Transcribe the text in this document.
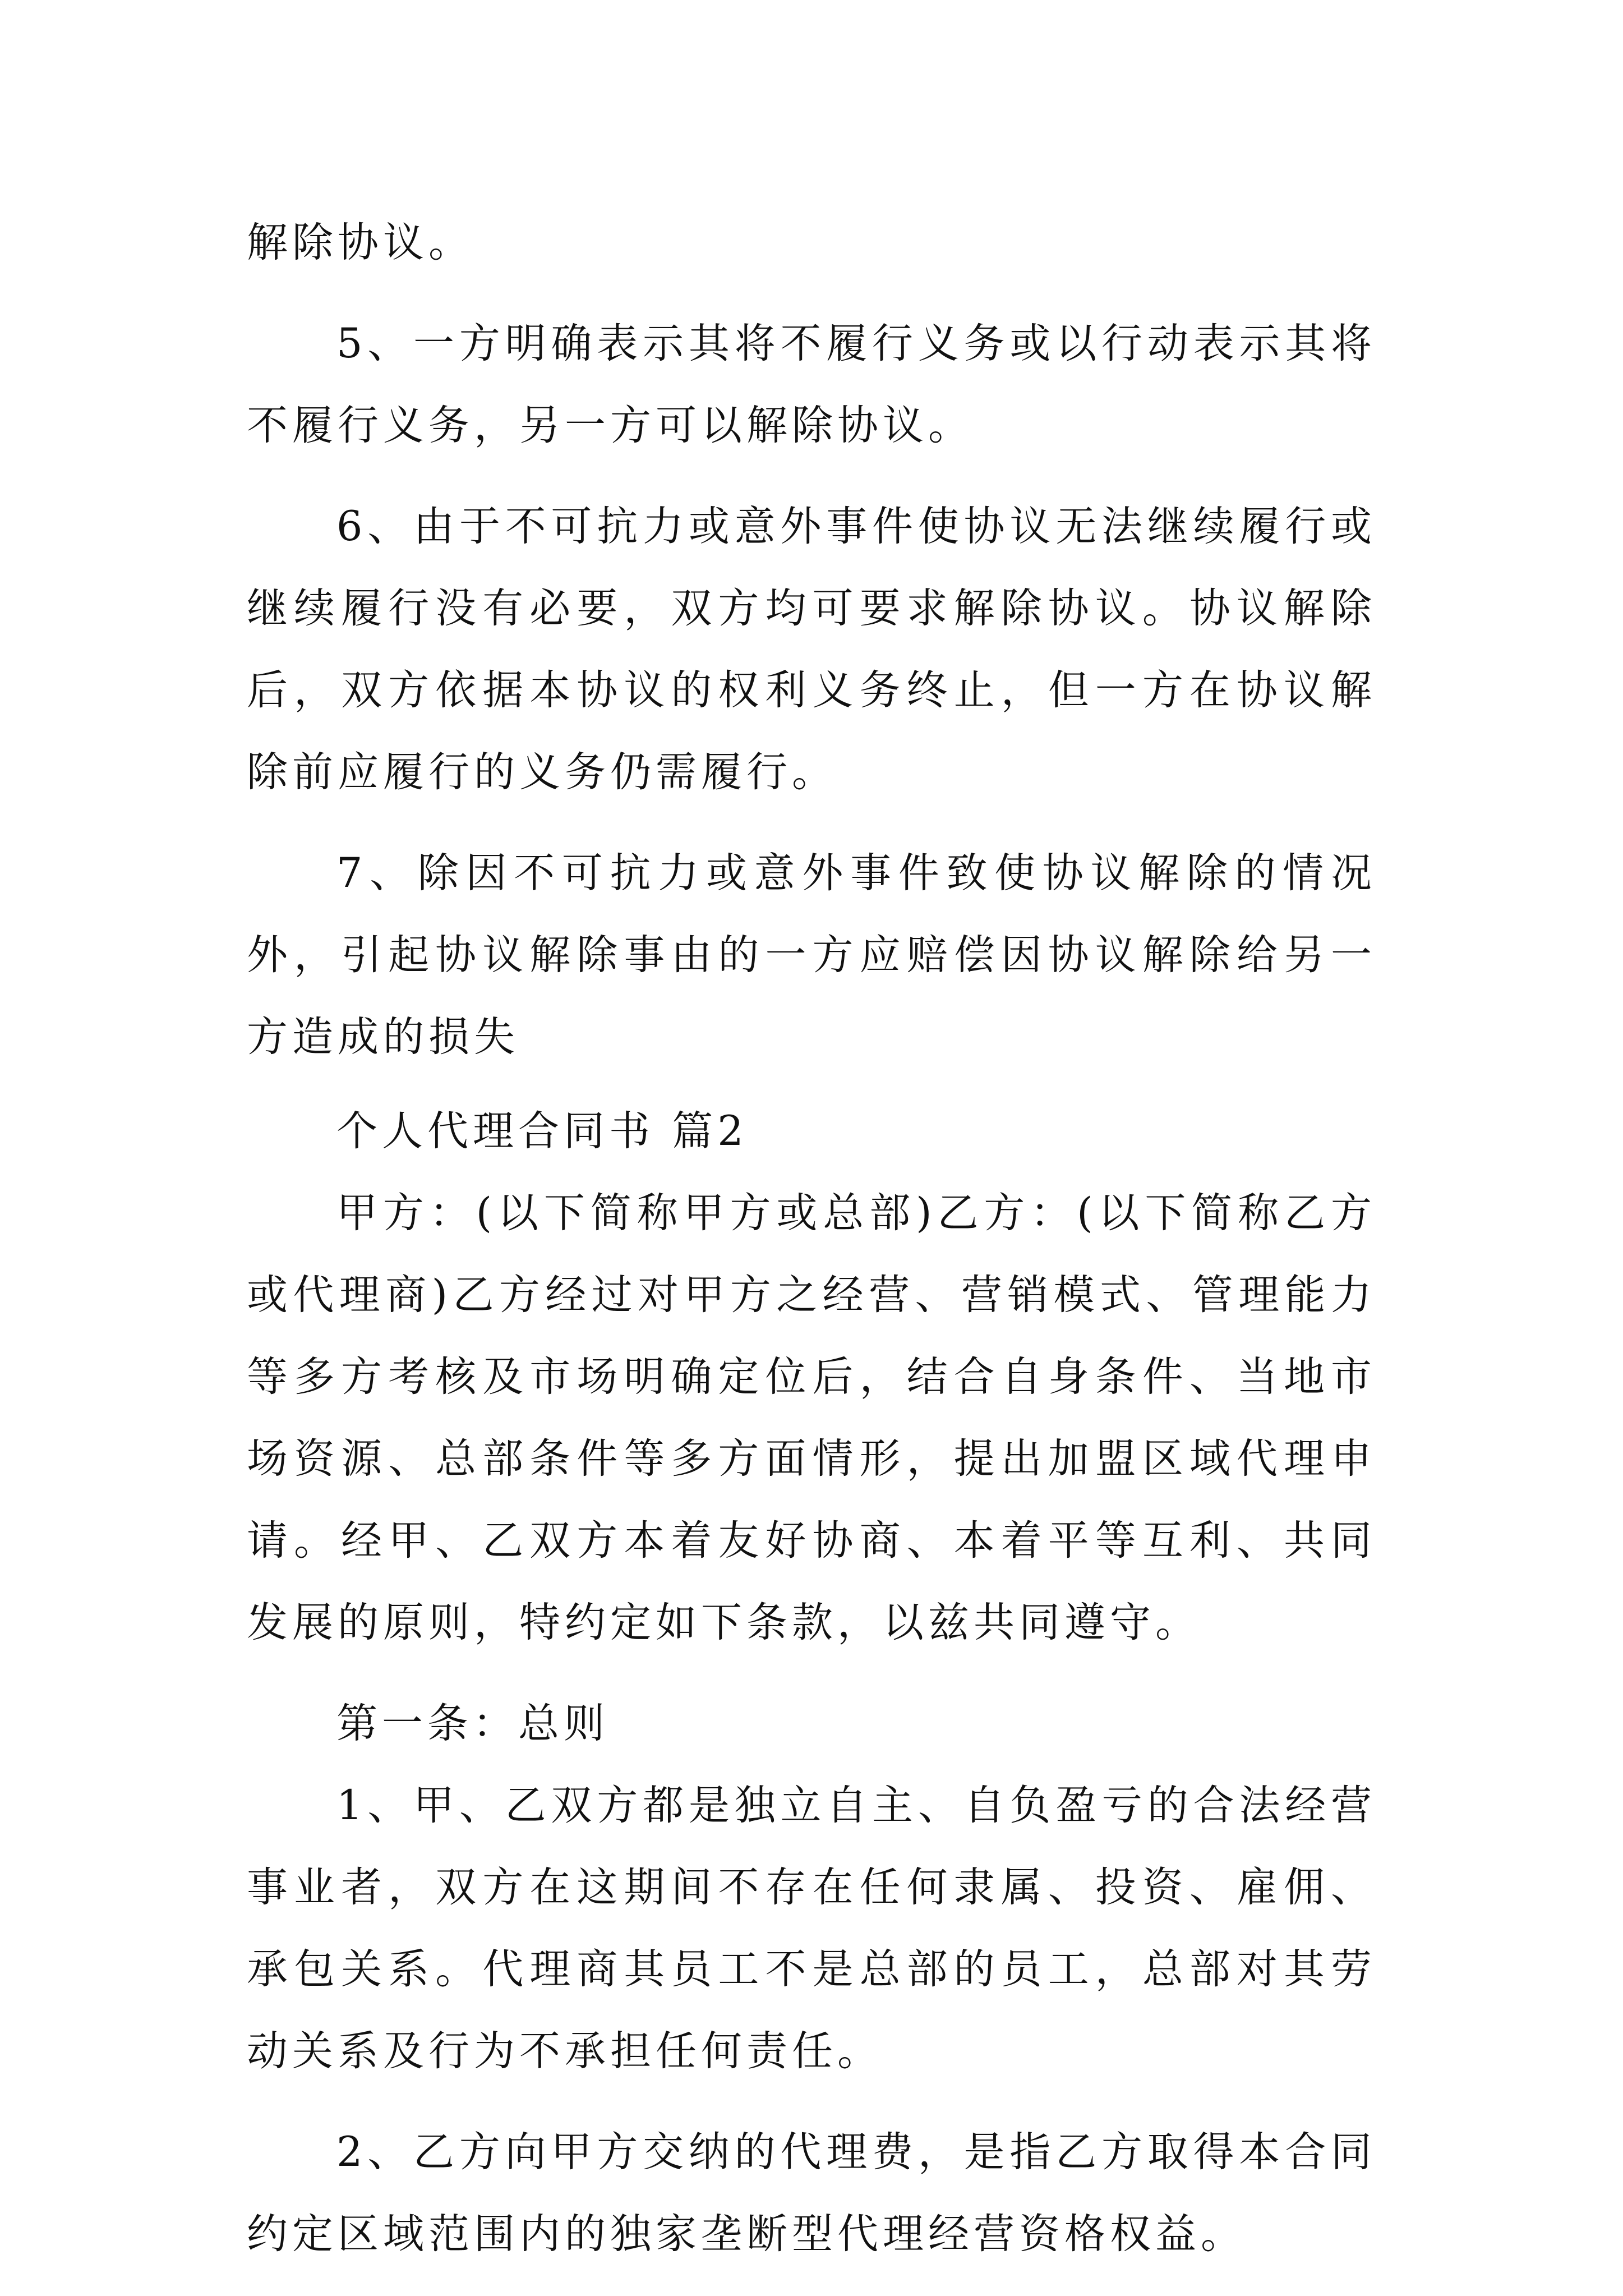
解除协议。

5、一方明确表示其将不履行义务或以行动表示其将不履行义务，另一方可以解除协议。

6、由于不可抗力或意外事件使协议无法继续履行或继续履行没有必要，双方均可要求解除协议。协议解除后，双方依据本协议的权利义务终止，但一方在协议解除前应履行的义务仍需履行。

7、除因不可抗力或意外事件致使协议解除的情况外，引起协议解除事由的一方应赔偿因协议解除给另一方造成的损失

个人代理合同书 篇2

甲方：(以下简称甲方或总部)乙方：(以下简称乙方或代理商)乙方经过对甲方之经营、营销模式、管理能力等多方考核及市场明确定位后，结合自身条件、当地市场资源、总部条件等多方面情形，提出加盟区域代理申请。经甲、乙双方本着友好协商、本着平等互利、共同发展的原则，特约定如下条款，以兹共同遵守。

第一条：总则

1、甲、乙双方都是独立自主、自负盈亏的合法经营事业者，双方在这期间不存在任何隶属、投资、雇佣、承包关系。代理商其员工不是总部的员工，总部对其劳动关系及行为不承担任何责任。

2、乙方向甲方交纳的代理费，是指乙方取得本合同约定区域范围内的独家垄断型代理经营资格权益。
